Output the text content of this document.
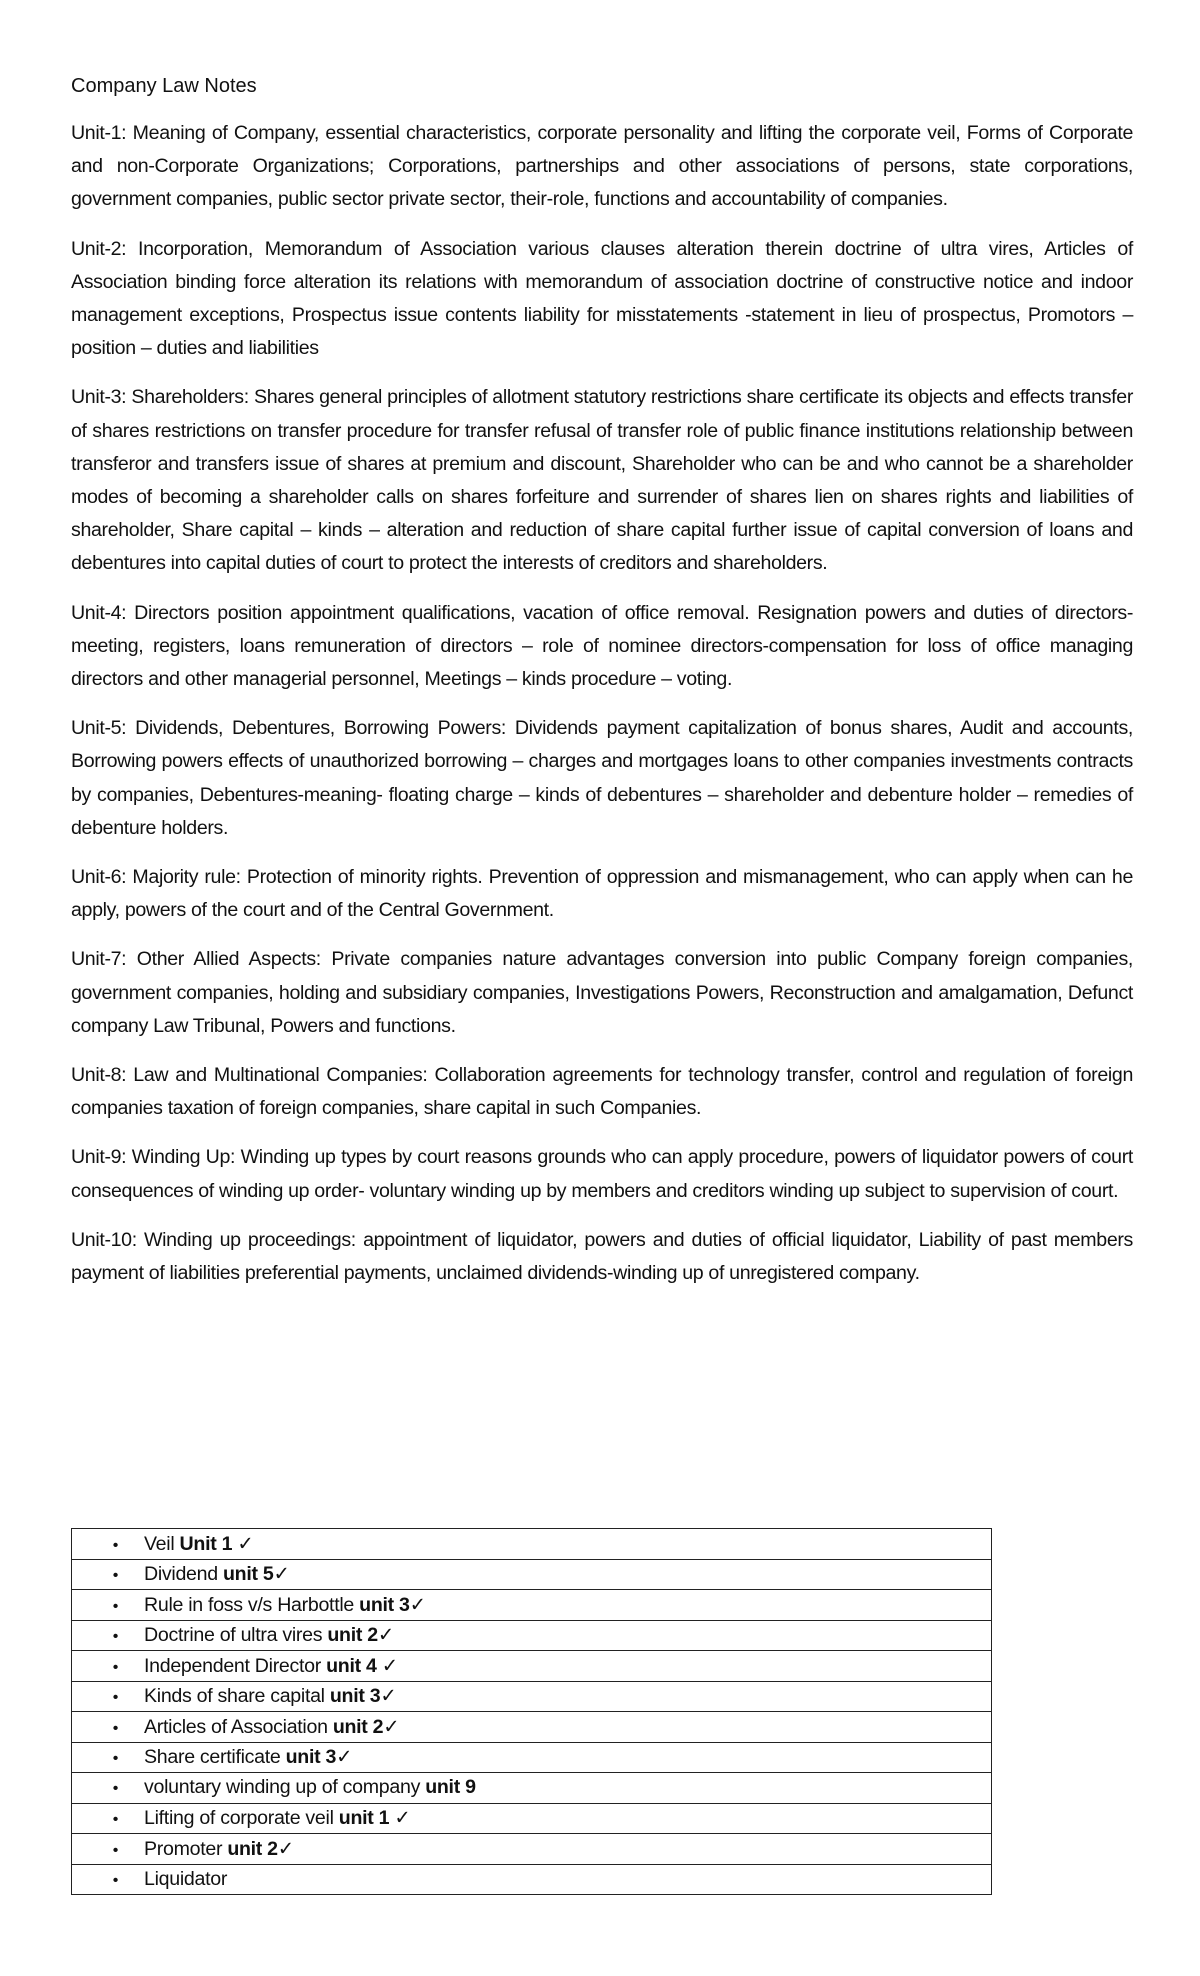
Company Law Notes

Unit-1: Meaning of Company, essential characteristics, corporate personality and lifting the corporate veil, Forms of Corporate and non-Corporate Organizations; Corporations, partnerships and other associations of persons, state corporations, government companies, public sector private sector, their-role, functions and accountability of companies.

Unit-2: Incorporation, Memorandum of Association various clauses alteration therein doctrine of ultra vires, Articles of Association binding force alteration its relations with memorandum of association doctrine of constructive notice and indoor management exceptions, Prospectus issue contents liability for misstatements -statement in lieu of prospectus, Promotors – position – duties and liabilities

Unit-3: Shareholders: Shares general principles of allotment statutory restrictions share certificate its objects and effects transfer of shares restrictions on transfer procedure for transfer refusal of transfer role of public finance institutions relationship between transferor and transfers issue of shares at premium and discount, Shareholder who can be and who cannot be a shareholder modes of becoming a shareholder calls on shares forfeiture and surrender of shares lien on shares rights and liabilities of shareholder, Share capital – kinds – alteration and reduction of share capital further issue of capital conversion of loans and debentures into capital duties of court to protect the interests of creditors and shareholders.

Unit-4: Directors position appointment qualifications, vacation of office removal. Resignation powers and duties of directors-meeting, registers, loans remuneration of directors – role of nominee directors-compensation for loss of office managing directors and other managerial personnel, Meetings – kinds procedure – voting.

Unit-5: Dividends, Debentures, Borrowing Powers: Dividends payment capitalization of bonus shares, Audit and accounts, Borrowing powers effects of unauthorized borrowing – charges and mortgages loans to other companies investments contracts by companies, Debentures-meaning- floating charge – kinds of debentures – shareholder and debenture holder – remedies of debenture holders.

Unit-6: Majority rule: Protection of minority rights. Prevention of oppression and mismanagement, who can apply when can he apply, powers of the court and of the Central Government.

Unit-7: Other Allied Aspects: Private companies nature advantages conversion into public Company foreign companies, government companies, holding and subsidiary companies, Investigations Powers, Reconstruction and amalgamation, Defunct company Law Tribunal, Powers and functions.

Unit-8: Law and Multinational Companies: Collaboration agreements for technology transfer, control and regulation of foreign companies taxation of foreign companies, share capital in such Companies.

Unit-9: Winding Up: Winding up types by court reasons grounds who can apply procedure, powers of liquidator powers of court consequences of winding up order- voluntary winding up by members and creditors winding up subject to supervision of court.

Unit-10: Winding up proceedings: appointment of liquidator, powers and duties of official liquidator, Liability of past members payment of liabilities preferential payments, unclaimed dividends-winding up of unregistered company.

• Veil Unit 1 ✓
• Dividend unit 5✓
• Rule in foss v/s Harbottle unit 3✓
• Doctrine of ultra vires unit 2✓
• Independent Director unit 4 ✓
• Kinds of share capital unit 3✓
• Articles of Association unit 2✓
• Share certificate unit 3✓
• voluntary winding up of company unit 9
• Lifting of corporate veil unit 1 ✓
• Promoter unit 2✓
• Liquidator
